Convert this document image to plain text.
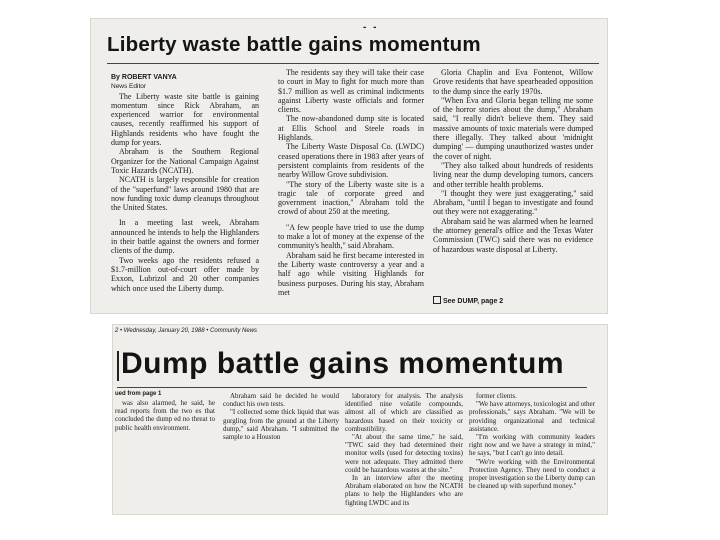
- -
Liberty waste battle gains momentum

By ROBERT VANYA

News Editor

The Liberty waste site battle is gaining momentum since Rick Abraham, an experienced warrior for environmental causes, recently reaffirmed his support of Highlands residents who have fought the dump for years.

Abraham is the Southern Regional Organizer for the National Campaign Against Toxic Hazards (NCATH).

NCATH is largely responsible for creation of the "superfund" laws around 1980 that are now funding toxic dump cleanups throughout the United States.

In a meeting last week, Abraham announced he intends to help the Highlanders in their battle against the owners and former clients of the dump.

Two weeks ago the residents refused a $1.7-million out-of-court offer made by Exxon, Lubrizol and 20 other companies which once used the Liberty dump.

The residents say they will take their case to court in May to fight for much more than $1.7 million as well as criminal indictments against Liberty waste officials and former clients.

The now-abandoned dump site is located at Ellis School and Steele roads in Highlands.

The Liberty Waste Disposal Co. (LWDC) ceased operations there in 1983 after years of persistent complaints from residents of the nearby Willow Grove subdivision.

"The story of the Liberty waste site is a tragic tale of corporate greed and government inaction," Abraham told the crowd of about 250 at the meeting.

"A few people have tried to use the dump to make a lot of money at the expense of the community's health," said Abraham.

Abraham said he first became interested in the Liberty waste controversy a year and a half ago while visiting Highlands for business purposes. During his stay, Abraham met

Gloria Chaplin and Eva Fontenot, Willow Grove residents that have spearheaded opposition to the dump since the early 1970s.

"When Eva and Gloria began telling me some of the horror stories about the dump," Abraham said, "I really didn't believe them. They said massive amounts of toxic materials were dumped there illegally. They talked about 'midnight dumping' — dumping unauthorized wastes under the cover of night.

"They also talked about hundreds of residents living near the dump developing tumors, cancers and other terrible health problems.

"I thought they were just exaggerating," said Abraham, "until I began to investigate and found out they were not exaggerating."

Abraham said he was alarmed when he learned the attorney general's office and the Texas Water Commission (TWC) said there was no evidence of hazardous waste disposal at Liberty.

See DUMP, page 2
2 • Wednesday, January 20, 1988 • Community News
Dump battle gains momentum
ued from page 1

was also alarmed, he said, he read reports from the two es that concluded the dump ed no threat to public health environment.

Abraham said he decided he would conduct his own tests.

"I collected some thick liquid that was gurgling from the ground at the Liberty dump," said Abraham. "I submitted the sample to a Houston

laboratory for analysis. The analysis identified nine volatile compounds, almost all of which are classified as hazardous based on their toxicity or combustibility.

"At about the same time," he said, "TWC said they had determined their monitor wells (used for detecting toxins) were not adequate. They admitted there could be hazardous wastes at the site."

In an interview after the meeting Abraham elaborated on how the NCATH plans to help the Highlanders who are fighting LWDC and its

former clients.

"We have attorneys, toxicologist and other professionals," says Abraham. "We will be providing organizational and technical assistance.

"I'm working with community leaders right now and we have a strategy in mind," he says, "but I can't go into detail.

"We're working with the Environmental Protection Agency. They need to conduct a proper investigation so the Liberty dump can be cleaned up with superfund money."
